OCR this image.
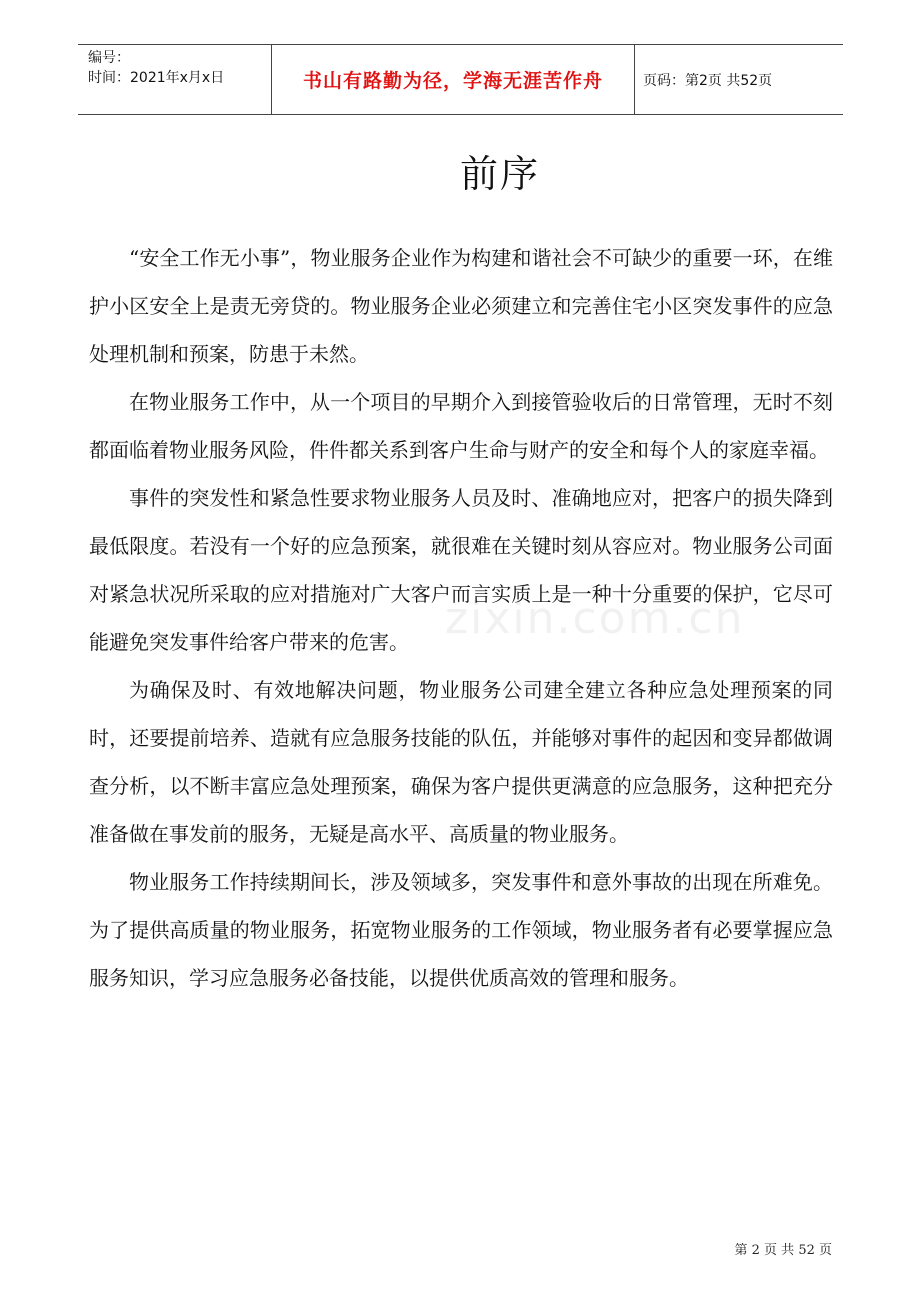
编号：
时间：2021年x月x日	书山有路勤为径，学海无涯苦作舟	页码：第2页 共52页
zixin.com.cn
前序

“安全工作无小事”，物业服务企业作为构建和谐社会不可缺少的重要一环，在维护小区安全上是责无旁贷的。物业服务企业必须建立和完善住宅小区突发事件的应急处理机制和预案，防患于未然。

在物业服务工作中，从一个项目的早期介入到接管验收后的日常管理，无时不刻都面临着物业服务风险，件件都关系到客户生命与财产的安全和每个人的家庭幸福。

事件的突发性和紧急性要求物业服务人员及时、准确地应对，把客户的损失降到最低限度。若没有一个好的应急预案，就很难在关键时刻从容应对。物业服务公司面对紧急状况所采取的应对措施对广大客户而言实质上是一种十分重要的保护，它尽可能避免突发事件给客户带来的危害。

为确保及时、有效地解决问题，物业服务公司建全建立各种应急处理预案的同时，还要提前培养、造就有应急服务技能的队伍，并能够对事件的起因和变异都做调查分析，以不断丰富应急处理预案，确保为客户提供更满意的应急服务，这种把充分准备做在事发前的服务，无疑是高水平、高质量的物业服务。

物业服务工作持续期间长，涉及领域多，突发事件和意外事故的出现在所难免。为了提供高质量的物业服务，拓宽物业服务的工作领域，物业服务者有必要掌握应急服务知识，学习应急服务必备技能，以提供优质高效的管理和服务。

第 2 页 共 52 页
